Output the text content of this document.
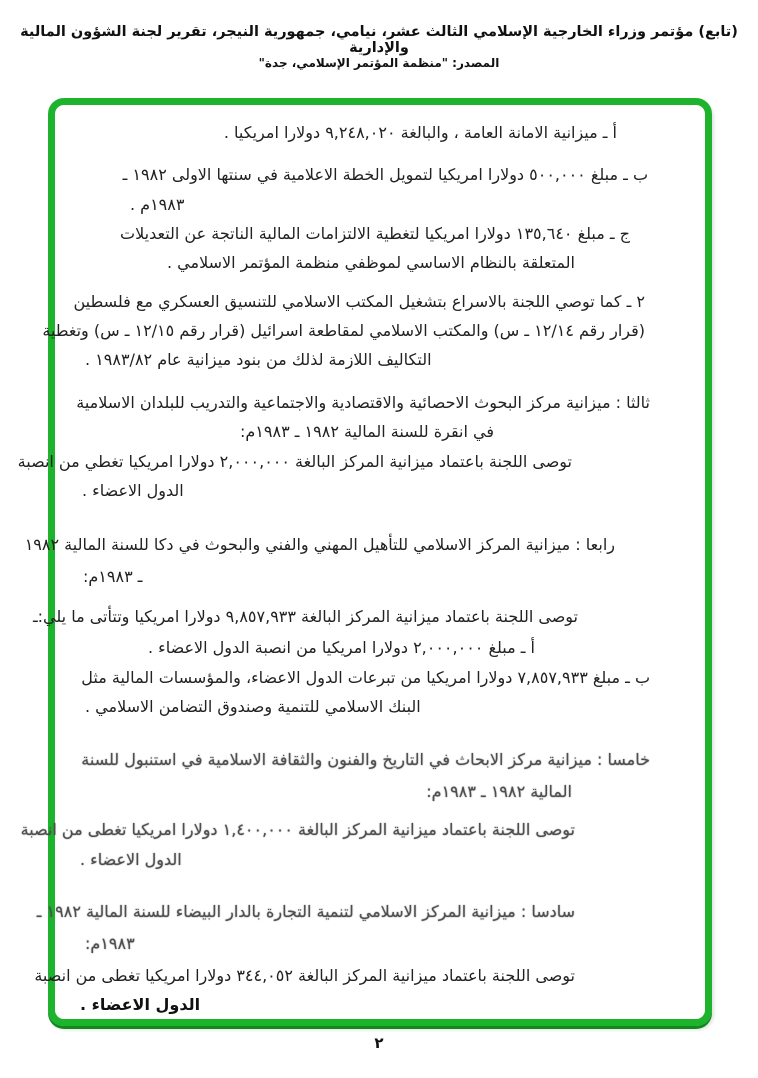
(تابع) مؤتمر وزراء الخارجية الإسلامي الثالث عشر، نيامي، جمهورية النيجر، تقرير لجنة الشؤون المالية والإدارية
المصدر: "منظمة المؤتمر الإسلامي، جدة"
أ ـ ميزانية الامانة العامة ، والبالغة ٩,٢٤٨,٠٢٠ دولارا امريكيا .
ب ـ مبلغ ٥٠٠,٠٠٠ دولارا امريكيا لتمويل الخطة الاعلامية في سنتها الاولى ١٩٨٢ ـ
١٩٨٣م .
ج ـ مبلغ ١٣٥,٦٤٠ دولارا امريكيا لتغطية الالتزامات المالية الناتجة عن التعديلات
المتعلقة بالنظام الاساسي لموظفي منظمة المؤتمر الاسلامي .
٢ ـ كما توصي اللجنة بالاسراع بتشغيل المكتب الاسلامي للتنسيق العسكري مع فلسطين
(قرار رقم ١٢/١٤ ـ س) والمكتب الاسلامي لمقاطعة اسرائيل (قرار رقم ١٢/١٥ ـ س) وتغطية
التكاليف اللازمة لذلك من بنود ميزانية عام ١٩٨٣/٨٢ .
ثالثا : ميزانية مركز البحوث الاحصائية والاقتصادية والاجتماعية والتدريب للبلدان الاسلامية
في انقرة للسنة المالية ١٩٨٢ ـ ١٩٨٣م:
توصى اللجنة باعتماد ميزانية المركز البالغة ٢,٠٠٠,٠٠٠ دولارا امريكيا تغطي من انصبة
الدول الاعضاء .
رابعا : ميزانية المركز الاسلامي للتأهيل المهني والفني والبحوث في دكا للسنة المالية ١٩٨٢
ـ ١٩٨٣م:
توصى اللجنة باعتماد ميزانية المركز البالغة ٩,٨٥٧,٩٣٣ دولارا امريكيا وتتأتى ما يلي:ـ
أ ـ مبلغ ٢,٠٠٠,٠٠٠ دولارا امريكيا من انصبة الدول الاعضاء .
ب ـ مبلغ ٧,٨٥٧,٩٣٣ دولارا امريكيا من تبرعات الدول الاعضاء، والمؤسسات المالية مثل
البنك الاسلامي للتنمية وصندوق التضامن الاسلامي .
خامسا : ميزانية مركز الابحاث في التاريخ والفنون والثقافة الاسلامية في استنبول للسنة
المالية ١٩٨٢ ـ ١٩٨٣م:
توصى اللجنة باعتماد ميزانية المركز البالغة ١,٤٠٠,٠٠٠ دولارا امريكيا تغطى من انصبة
الدول الاعضاء .
سادسا : ميزانية المركز الاسلامي لتنمية التجارة بالدار البيضاء للسنة المالية ١٩٨٢ ـ
١٩٨٣م:
توصى اللجنة باعتماد ميزانية المركز البالغة ٣٤٤,٠٥٢ دولارا امريكيا تغطى من انصبة
الدول الاعضاء .
٢
